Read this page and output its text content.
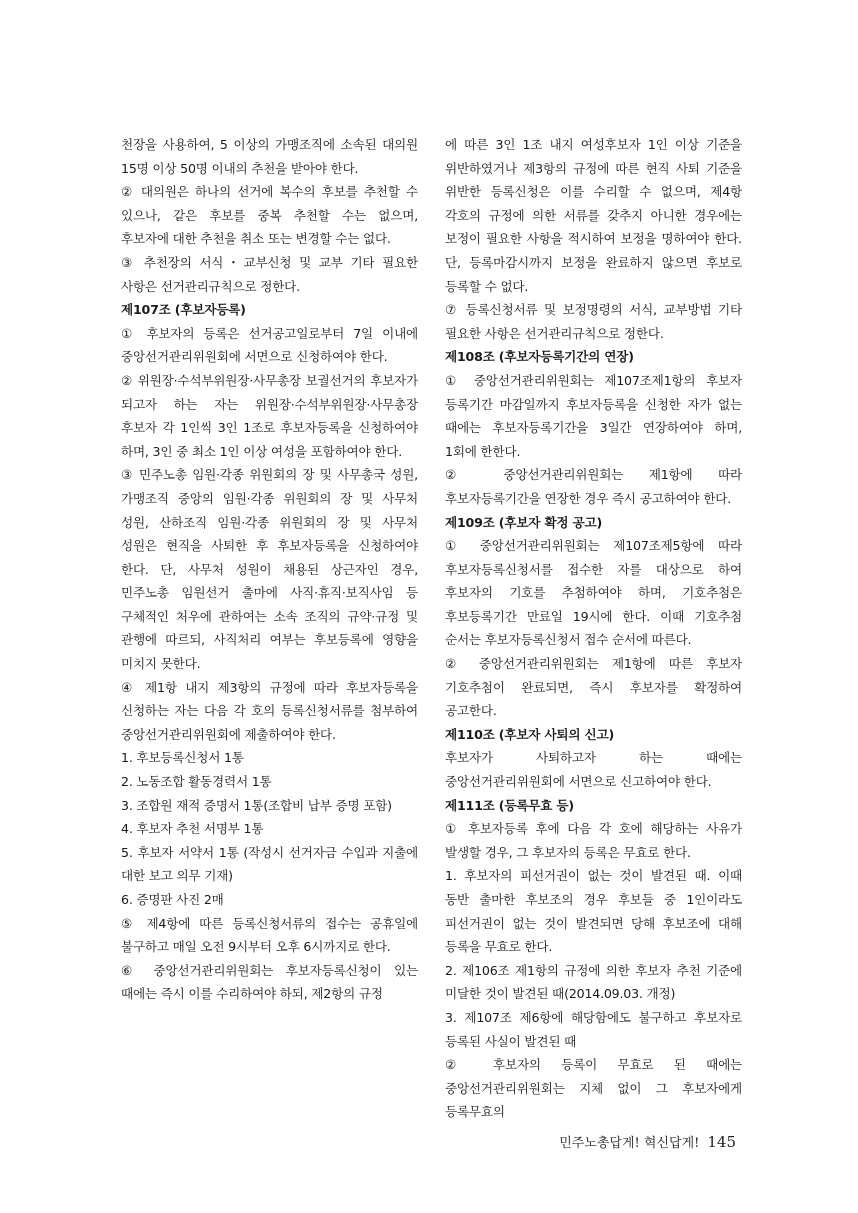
천장을 사용하여, 5 이상의 가맹조직에 소속된 대의원 15명 이상 50명 이내의 추천을 받아야 한다.

② 대의원은 하나의 선거에 복수의 후보를 추천할 수 있으나, 같은 후보를 중복 추천할 수는 없으며, 후보자에 대한 추천을 취소 또는 변경할 수는 없다.

③ 추천장의 서식・교부신청 및 교부 기타 필요한 사항은 선거관리규칙으로 정한다.

제107조 (후보자등록)

① 후보자의 등록은 선거공고일로부터 7일 이내에 중앙선거관리위원회에 서면으로 신청하여야 한다.

② 위원장·수석부위원장·사무총장 보궐선거의 후보자가 되고자 하는 자는 위원장·수석부위원장·사무총장 후보자 각 1인씩 3인 1조로 후보자등록을 신청하여야 하며, 3인 중 최소 1인 이상 여성을 포함하여야 한다.

③ 민주노총 임원·각종 위원회의 장 및 사무총국 성원, 가맹조직 중앙의 임원·각종 위원회의 장 및 사무처 성원, 산하조직 임원·각종 위원회의 장 및 사무처 성원은 현직을 사퇴한 후 후보자등록을 신청하여야 한다. 단, 사무처 성원이 채용된 상근자인 경우, 민주노총 임원선거 출마에 사직·휴직·보직사임 등 구체적인 처우에 관하여는 소속 조직의 규약·규정 및 관행에 따르되, 사직처리 여부는 후보등록에 영향을 미치지 못한다.

④ 제1항 내지 제3항의 규정에 따라 후보자등록을 신청하는 자는 다음 각 호의 등록신청서류를 첨부하여 중앙선거관리위원회에 제출하여야 한다.

1. 후보등록신청서 1통

2. 노동조합 활동경력서 1통

3. 조합원 재적 증명서 1통(조합비 납부 증명 포함)

4. 후보자 추천 서명부 1통

5. 후보자 서약서 1통 (작성시 선거자금 수입과 지출에 대한 보고 의무 기재)

6. 증명판 사진 2매

⑤ 제4항에 따른 등록신청서류의 접수는 공휴일에 불구하고 매일 오전 9시부터 오후 6시까지로 한다.

⑥ 중앙선거관리위원회는 후보자등록신청이 있는 때에는 즉시 이를 수리하여야 하되, 제2항의 규정

에 따른 3인 1조 내지 여성후보자 1인 이상 기준을 위반하였거나 제3항의 규정에 따른 현직 사퇴 기준을 위반한 등록신청은 이를 수리할 수 없으며, 제4항 각호의 규정에 의한 서류를 갖추지 아니한 경우에는 보정이 필요한 사항을 적시하여 보정을 명하여야 한다. 단, 등록마감시까지 보정을 완료하지 않으면 후보로 등록할 수 없다.

⑦ 등록신청서류 및 보정명령의 서식, 교부방법 기타 필요한 사항은 선거관리규칙으로 정한다.

제108조 (후보자등록기간의 연장)

① 중앙선거관리위원회는 제107조제1항의 후보자 등록기간 마감일까지 후보자등록을 신청한 자가 없는 때에는 후보자등록기간을 3일간 연장하여야 하며, 1회에 한한다.

② 중앙선거관리위원회는 제1항에 따라 후보자등록기간을 연장한 경우 즉시 공고하여야 한다.

제109조 (후보자 확정 공고)

① 중앙선거관리위원회는 제107조제5항에 따라 후보자등록신청서를 접수한 자를 대상으로 하여 후보자의 기호를 추첨하여야 하며, 기호추첨은 후보등록기간 만료일 19시에 한다. 이때 기호추첨 순서는 후보자등록신청서 접수 순서에 따른다.

② 중앙선거관리위원회는 제1항에 따른 후보자 기호추첨이 완료되면, 즉시 후보자를 확정하여 공고한다.

제110조 (후보자 사퇴의 신고)

후보자가 사퇴하고자 하는 때에는 중앙선거관리위원회에 서면으로 신고하여야 한다.

제111조 (등록무효 등)

① 후보자등록 후에 다음 각 호에 해당하는 사유가 발생할 경우, 그 후보자의 등록은 무효로 한다.

1. 후보자의 피선거권이 없는 것이 발견된 때. 이때 동반 출마한 후보조의 경우 후보들 중 1인이라도 피선거권이 없는 것이 발견되면 당해 후보조에 대해 등록을 무효로 한다.

2. 제106조 제1항의 규정에 의한 후보자 추천 기준에 미달한 것이 발견된 때(2014.09.03. 개정)

3. 제107조 제6항에 해당함에도 불구하고 후보자로 등록된 사실이 발견된 때

② 후보자의 등록이 무효로 된 때에는 중앙선거관리위원회는 지체 없이 그 후보자에게 등록무효의

민주노총답게! 혁신답게! 145
